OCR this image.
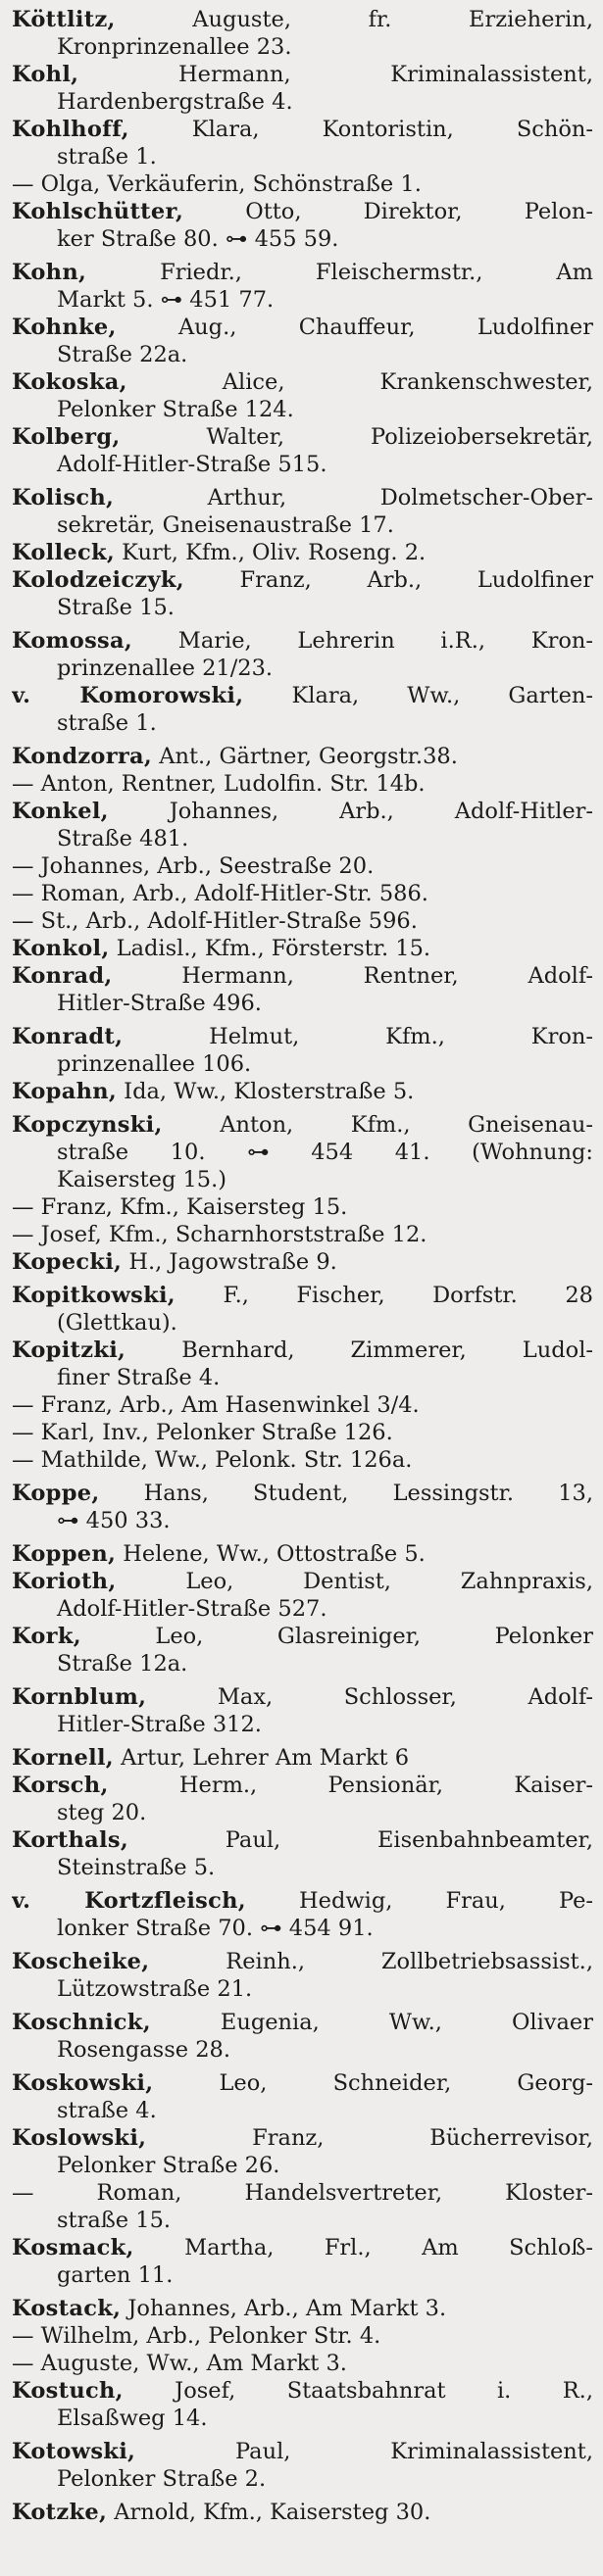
Köttlitz, Auguste, fr. Erzieherin,
Kronprinzenallee 23.
Kohl, Hermann, Kriminalassistent,
Hardenbergstraße 4.
Kohlhoff, Klara, Kontoristin, Schön-
straße 1.
— Olga, Verkäuferin, Schönstraße 1.
Kohlschütter, Otto, Direktor, Pelon-
ker Straße 80. ⊶ 455 59.
Kohn, Friedr., Fleischermstr., Am
Markt 5. ⊶ 451 77.
Kohnke, Aug., Chauffeur, Ludolfiner
Straße 22a.
Kokoska, Alice, Krankenschwester,
Pelonker Straße 124.
Kolberg, Walter, Polizeiobersekretär,
Adolf-Hitler-Straße 515.
Kolisch, Arthur, Dolmetscher-Ober-
sekretär, Gneisenaustraße 17.
Kolleck, Kurt, Kfm., Oliv. Roseng. 2.
Kolodzeiczyk, Franz, Arb., Ludolfiner
Straße 15.
Komossa, Marie, Lehrerin i.R., Kron-
prinzenallee 21/23.
v. Komorowski, Klara, Ww., Garten-
straße 1.
Kondzorra, Ant., Gärtner, Georgstr.38.
— Anton, Rentner, Ludolfin. Str. 14b.
Konkel, Johannes, Arb., Adolf-Hitler-
Straße 481.
— Johannes, Arb., Seestraße 20.
— Roman, Arb., Adolf-Hitler-Str. 586.
— St., Arb., Adolf-Hitler-Straße 596.
Konkol, Ladisl., Kfm., Försterstr. 15.
Konrad, Hermann, Rentner, Adolf-
Hitler-Straße 496.
Konradt, Helmut, Kfm., Kron-
prinzenallee 106.
Kopahn, Ida, Ww., Klosterstraße 5.
Kopczynski, Anton, Kfm., Gneisenau-
straße 10. ⊶ 454 41. (Wohnung:
Kaisersteg 15.)
— Franz, Kfm., Kaisersteg 15.
— Josef, Kfm., Scharnhorststraße 12.
Kopecki, H., Jagowstraße 9.
Kopitkowski, F., Fischer, Dorfstr. 28
(Glettkau).
Kopitzki, Bernhard, Zimmerer, Ludol-
finer Straße 4.
— Franz, Arb., Am Hasenwinkel 3/4.
— Karl, Inv., Pelonker Straße 126.
— Mathilde, Ww., Pelonk. Str. 126a.
Koppe, Hans, Student, Lessingstr. 13,
⊶ 450 33.
Koppen, Helene, Ww., Ottostraße 5.
Korioth, Leo, Dentist, Zahnpraxis,
Adolf-Hitler-Straße 527.
Kork, Leo, Glasreiniger, Pelonker
Straße 12a.
Kornblum, Max, Schlosser, Adolf-
Hitler-Straße 312.
Kornell, Artur, Lehrer Am Markt 6
Korsch, Herm., Pensionär, Kaiser-
steg 20.
Korthals, Paul, Eisenbahnbeamter,
Steinstraße 5.
v. Kortzfleisch, Hedwig, Frau, Pe-
lonker Straße 70. ⊶ 454 91.
Koscheike, Reinh., Zollbetriebsassist.,
Lützowstraße 21.
Koschnick, Eugenia, Ww., Olivaer
Rosengasse 28.
Koskowski, Leo, Schneider, Georg-
straße 4.
Koslowski, Franz, Bücherrevisor,
Pelonker Straße 26.
— Roman, Handelsvertreter, Kloster-
straße 15.
Kosmack, Martha, Frl., Am Schloß-
garten 11.
Kostack, Johannes, Arb., Am Markt 3.
— Wilhelm, Arb., Pelonker Str. 4.
— Auguste, Ww., Am Markt 3.
Kostuch, Josef, Staatsbahnrat i. R.,
Elsaßweg 14.
Kotowski, Paul, Kriminalassistent,
Pelonker Straße 2.
Kotzke, Arnold, Kfm., Kaisersteg 30.
